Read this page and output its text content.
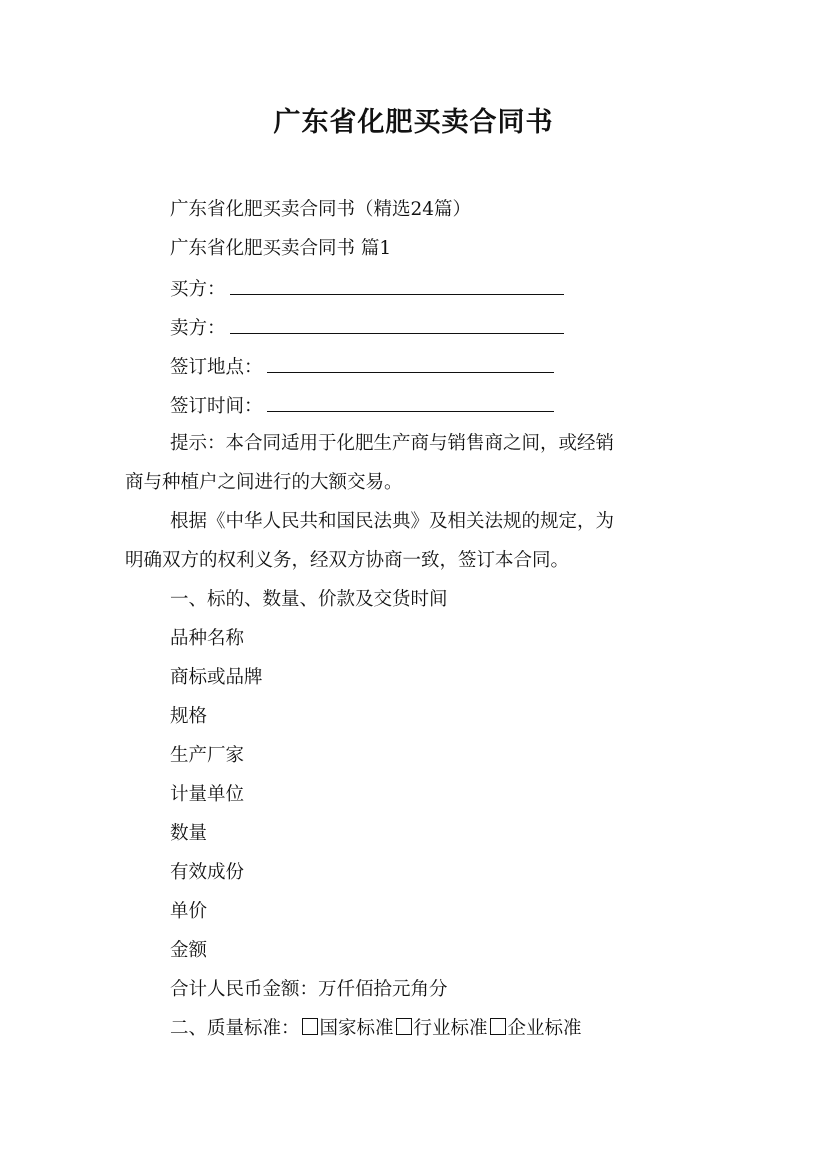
广东省化肥买卖合同书
广东省化肥买卖合同书（精选24篇）
广东省化肥买卖合同书 篇1
买方：
卖方：
签订地点：
签订时间：
提示：本合同适用于化肥生产商与销售商之间，或经销
商与种植户之间进行的大额交易。
根据《中华人民共和国民法典》及相关法规的规定，为
明确双方的权利义务，经双方协商一致，签订本合同。
一、标的、数量、价款及交货时间
品种名称
商标或品牌
规格
生产厂家
计量单位
数量
有效成份
单价
金额
合计人民币金额：万仟佰拾元角分
二、质量标准： 国家标准 行业标准 企业标准
